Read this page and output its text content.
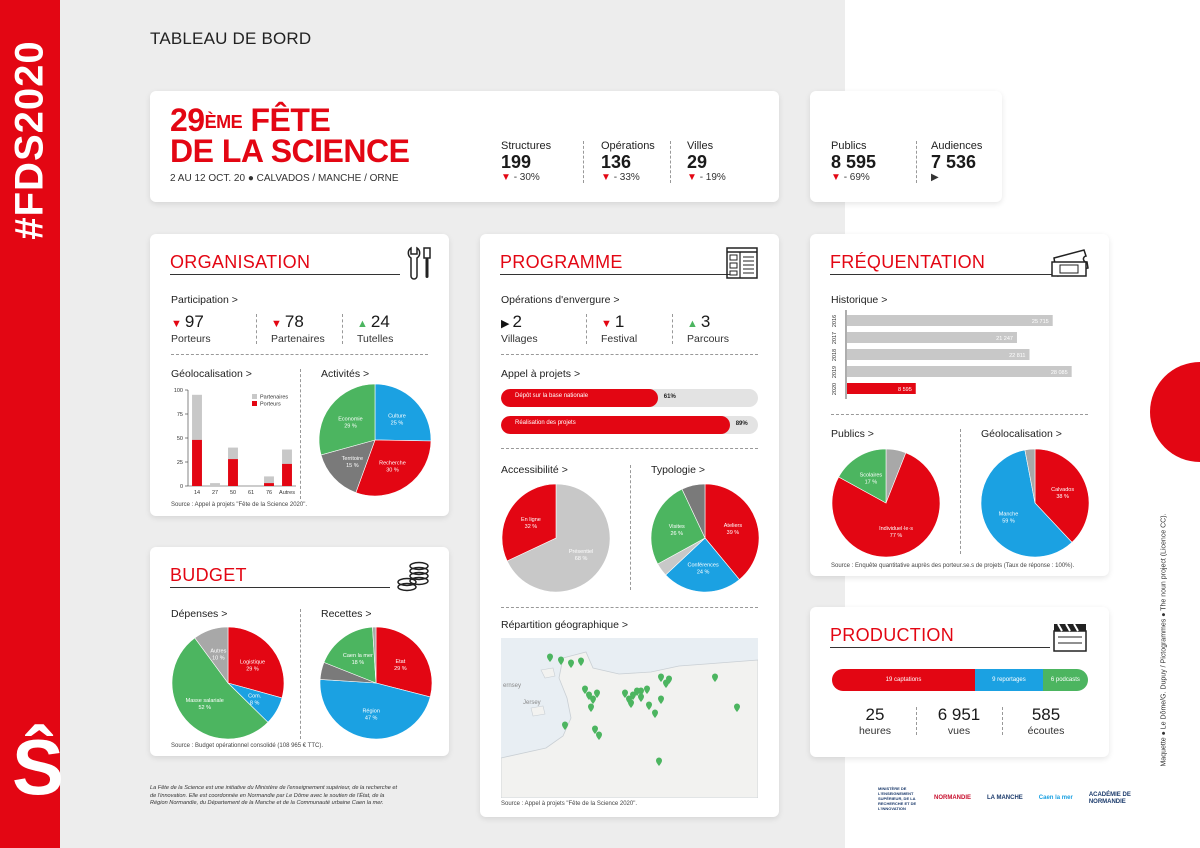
#FDS2020
Ŝ
Maquette ● Le Dôme/G. Dupuy / Pictogrammes ● The noun project (Licence CC).
TABLEAU DE BORD
29ÈME FÊTE
DE LA SCIENCE
2 AU 12 OCT. 20 ● CALVADOS / MANCHE / ORNE
Structures
199
▼ - 30%
Opérations
136
▼ - 33%
Villes
29
▼ - 19%
Publics
8 595
▼ - 69%
Audiences
7 536
▶
ORGANISATION
Participation >
▼ 97
Porteurs
▼ 78
Partenaires
▲ 24
Tutelles
Géolocalisation >	Activités >
0
25
50
75
100
14 27 50 61 76 Autres
Partenaires
Porteurs
Culture
25 %
Recherche
30 %
Territoire
15 %
Economie
29 %
Source : Appel à projets "Fête de la Science 2020".
BUDGET
Dépenses >	Recettes >
Logistique
29 %
Com.
8 %
Masse salariale
52 %
Autres
10 %
Etat
29 %
Région
47 %
Caen la mer
18 %
Source : Budget opérationnel consolidé (108 965 € TTC).
PROGRAMME
Opérations d'envergure >
▶ 2
Villages
▼ 1
Festival
▲ 3
Parcours
Appel à projets >
Dépôt sur la base nationale	61%
Réalisation des projets	89%
Accessibilité >	Typologie >
Présentiel
68 %
En ligne
32 %	Ateliers
39 %
Conférences
24 %
Visites
26 %
Répartition géographique >
ernsey
Jersey
Source : Appel à projets "Fête de la Science 2020".
FRÉQUENTATION
Historique >
25 715
2016
21 247
2017
22 811
2018
28 085
2019
8 595
2020
Publics >	Géolocalisation >
Individuel·le·s
77 %
Scolaires
17 %
Calvados
38 %
Manche
59 %
Source : Enquête quantitative auprès des porteur.se.s de projets (Taux de réponse : 100%).
PRODUCTION
19 captations	9 reportages	6 podcasts
25
heures
6 951
vues
585
écoutes
La Fête de la Science est une initiative du Ministère de l'enseignement supérieur, de la recherche et de l'innovation. Elle est coordonnée en Normandie par Le Dôme avec le soutien de l'État, de la Région Normandie, du Département de la Manche et de la Communauté urbaine Caen la mer.
MINISTÈRE DE L'ENSEIGNEMENT SUPÉRIEUR, DE LA RECHERCHE ET DE L'INNOVATION
NORMANDIE	LA MANCHE	Caen la mer
ACADÉMIE DE NORMANDIE
